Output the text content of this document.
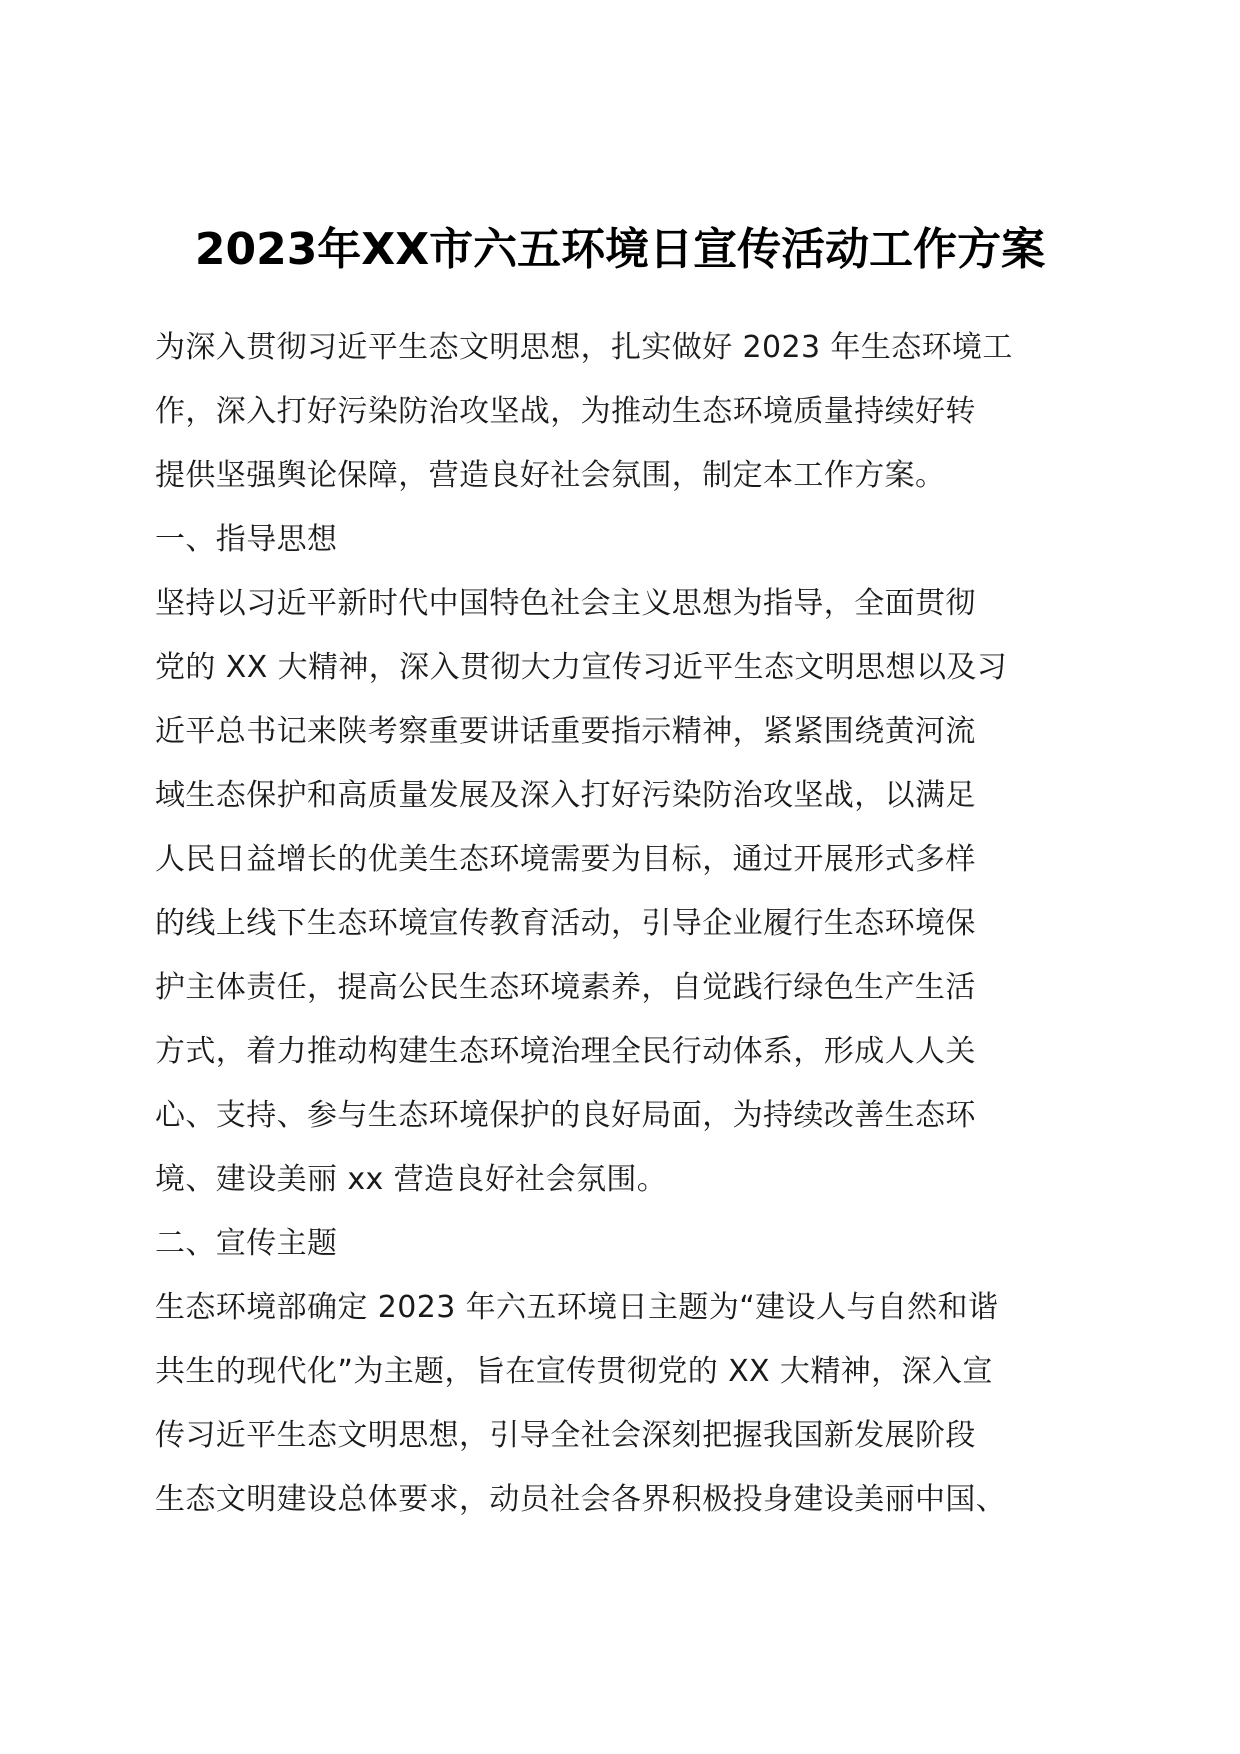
2023年XX市六五环境日宣传活动工作方案
为深入贯彻习近平生态文明思想，扎实做好 2023 年生态环境工
作，深入打好污染防治攻坚战，为推动生态环境质量持续好转
提供坚强舆论保障，营造良好社会氛围，制定本工作方案。
一、指导思想
坚持以习近平新时代中国特色社会主义思想为指导，全面贯彻
党的 XX 大精神，深入贯彻大力宣传习近平生态文明思想以及习
近平总书记来陕考察重要讲话重要指示精神，紧紧围绕黄河流
域生态保护和高质量发展及深入打好污染防治攻坚战，以满足
人民日益增长的优美生态环境需要为目标，通过开展形式多样
的线上线下生态环境宣传教育活动，引导企业履行生态环境保
护主体责任，提高公民生态环境素养，自觉践行绿色生产生活
方式，着力推动构建生态环境治理全民行动体系，形成人人关
心、支持、参与生态环境保护的良好局面，为持续改善生态环
境、建设美丽 xx 营造良好社会氛围。
二、宣传主题
生态环境部确定 2023 年六五环境日主题为“建设人与自然和谐
共生的现代化”为主题，旨在宣传贯彻党的 XX 大精神，深入宣
传习近平生态文明思想，引导全社会深刻把握我国新发展阶段
生态文明建设总体要求，动员社会各界积极投身建设美丽中国、
